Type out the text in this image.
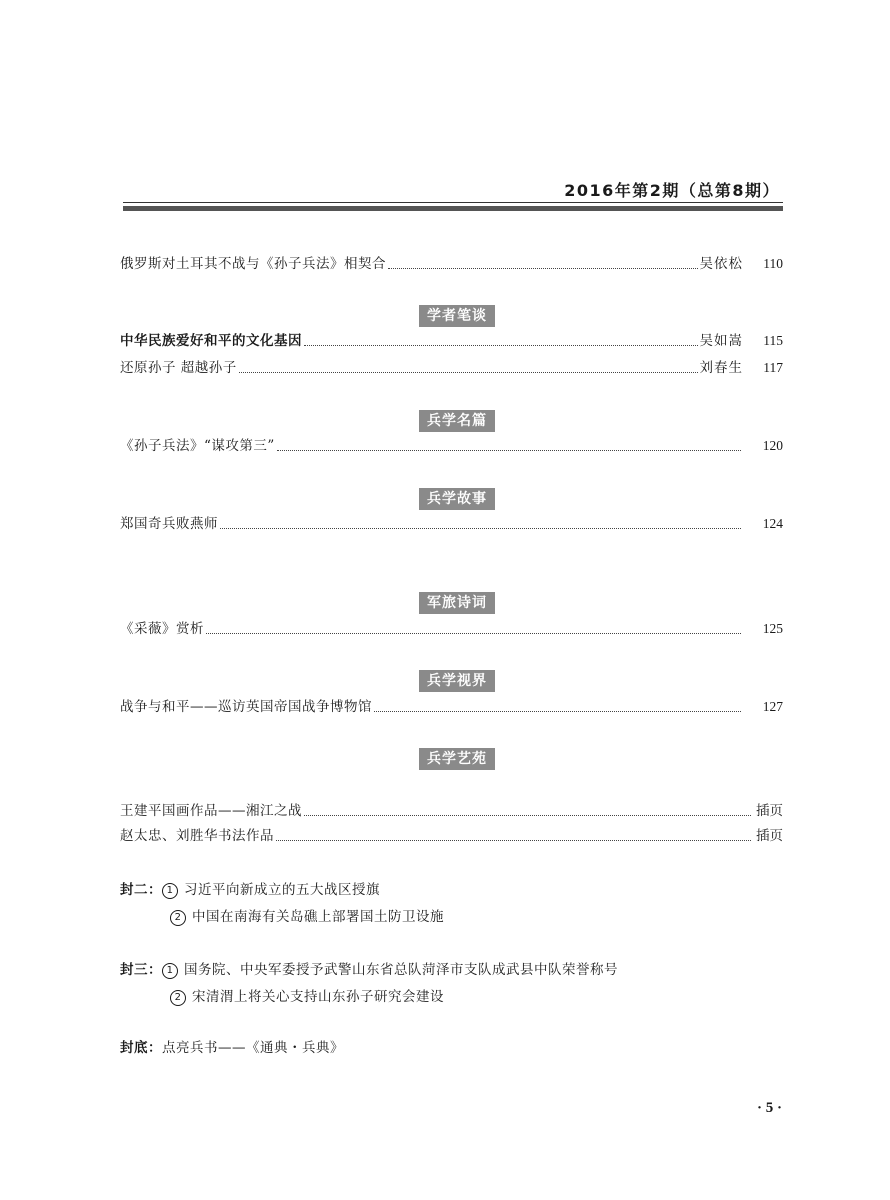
2016年第2期（总第8期）
俄罗斯对土耳其不战与《孙子兵法》相契合	吴依松	110
学者笔谈
中华民族爱好和平的文化基因	吴如嵩	115
还原孙子 超越孙子	刘春生	117
兵学名篇
《孙子兵法》“谋攻第三”	120
兵学故事
郑国奇兵败燕师	124
军旅诗词
《采薇》赏析	125
兵学视界
战争与和平——巡访英国帝国战争博物馆	127
兵学艺苑
王建平国画作品——湘江之战	插页
赵太忠、刘胜华书法作品	插页
封二： 1 习近平向新成立的五大战区授旗
2 中国在南海有关岛礁上部署国土防卫设施
封三： 1 国务院、中央军委授予武警山东省总队菏泽市支队成武县中队荣誉称号
2 宋清渭上将关心支持山东孙子研究会建设
封底：点亮兵书——《通典・兵典》
· 5 ·
